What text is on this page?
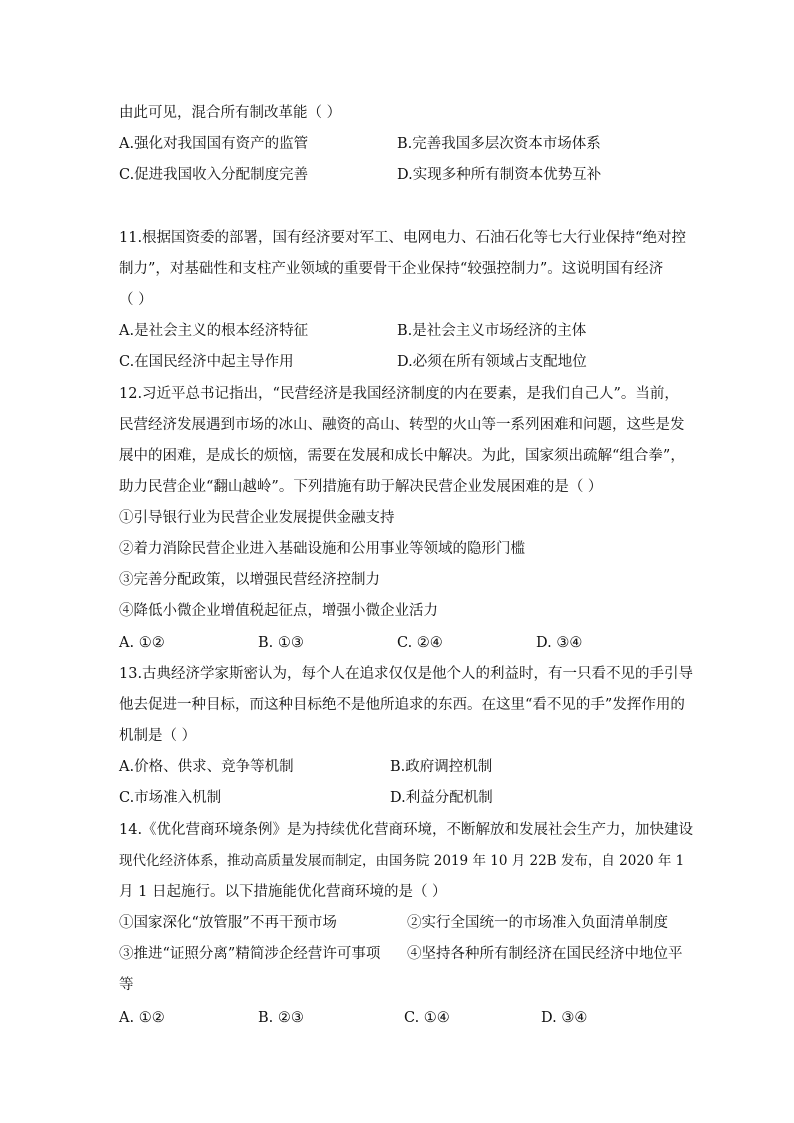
由此可见，混合所有制改革能（ ）
A.强化对我国国有资产的监管	B.完善我国多层次资本市场体系
C.促进我国收入分配制度完善	D.实现多种所有制资本优势互补
11.根据国资委的部署，国有经济要对军工、电网电力、石油石化等七大行业保持“绝对控
制力”，对基础性和支柱产业领域的重要骨干企业保持“较强控制力”。这说明国有经济
（ ）
A.是社会主义的根本经济特征	B.是社会主义市场经济的主体
C.在国民经济中起主导作用	D.必须在所有领域占支配地位
12.习近平总书记指出，“民营经济是我国经济制度的内在要素，是我们自己人”。当前，
民营经济发展遇到市场的冰山、融资的高山、转型的火山等一系列困难和问题，这些是发
展中的困难，是成长的烦恼，需要在发展和成长中解决。为此，国家须出疏解“组合拳”，
助力民营企业“翻山越岭”。下列措施有助于解决民营企业发展困难的是（ ）
①引导银行业为民营企业发展提供金融支持
②着力消除民营企业进入基础设施和公用事业等领域的隐形门槛
③完善分配政策，以增强民营经济控制力
④降低小微企业增值税起征点，增强小微企业活力
A. ①②	B. ①③	C. ②④	D. ③④
13.古典经济学家斯密认为，每个人在追求仅仅是他个人的利益时，有一只看不见的手引导
他去促进一种目标，而这种目标绝不是他所追求的东西。在这里“看不见的手”发挥作用的
机制是（ ）
A.价格、供求、竞争等机制	B.政府调控机制
C.市场准入机制	D.利益分配机制
14.《优化营商环境条例》是为持续优化营商环境，不断解放和发展社会生产力，加快建设
现代化经济体系，推动高质量发展而制定，由国务院 2019 年 10 月 22B 发布，自 2020 年 1
月 1 日起施行。以下措施能优化营商环境的是（ ）
①国家深化“放管服”不再干预市场	②实行全国统一的市场准入负面清单制度
③推进“证照分离”精简涉企经营许可事项 ④坚持各种所有制经济在国民经济中地位平
等
A. ①②	B. ②③	C. ①④	D. ③④
